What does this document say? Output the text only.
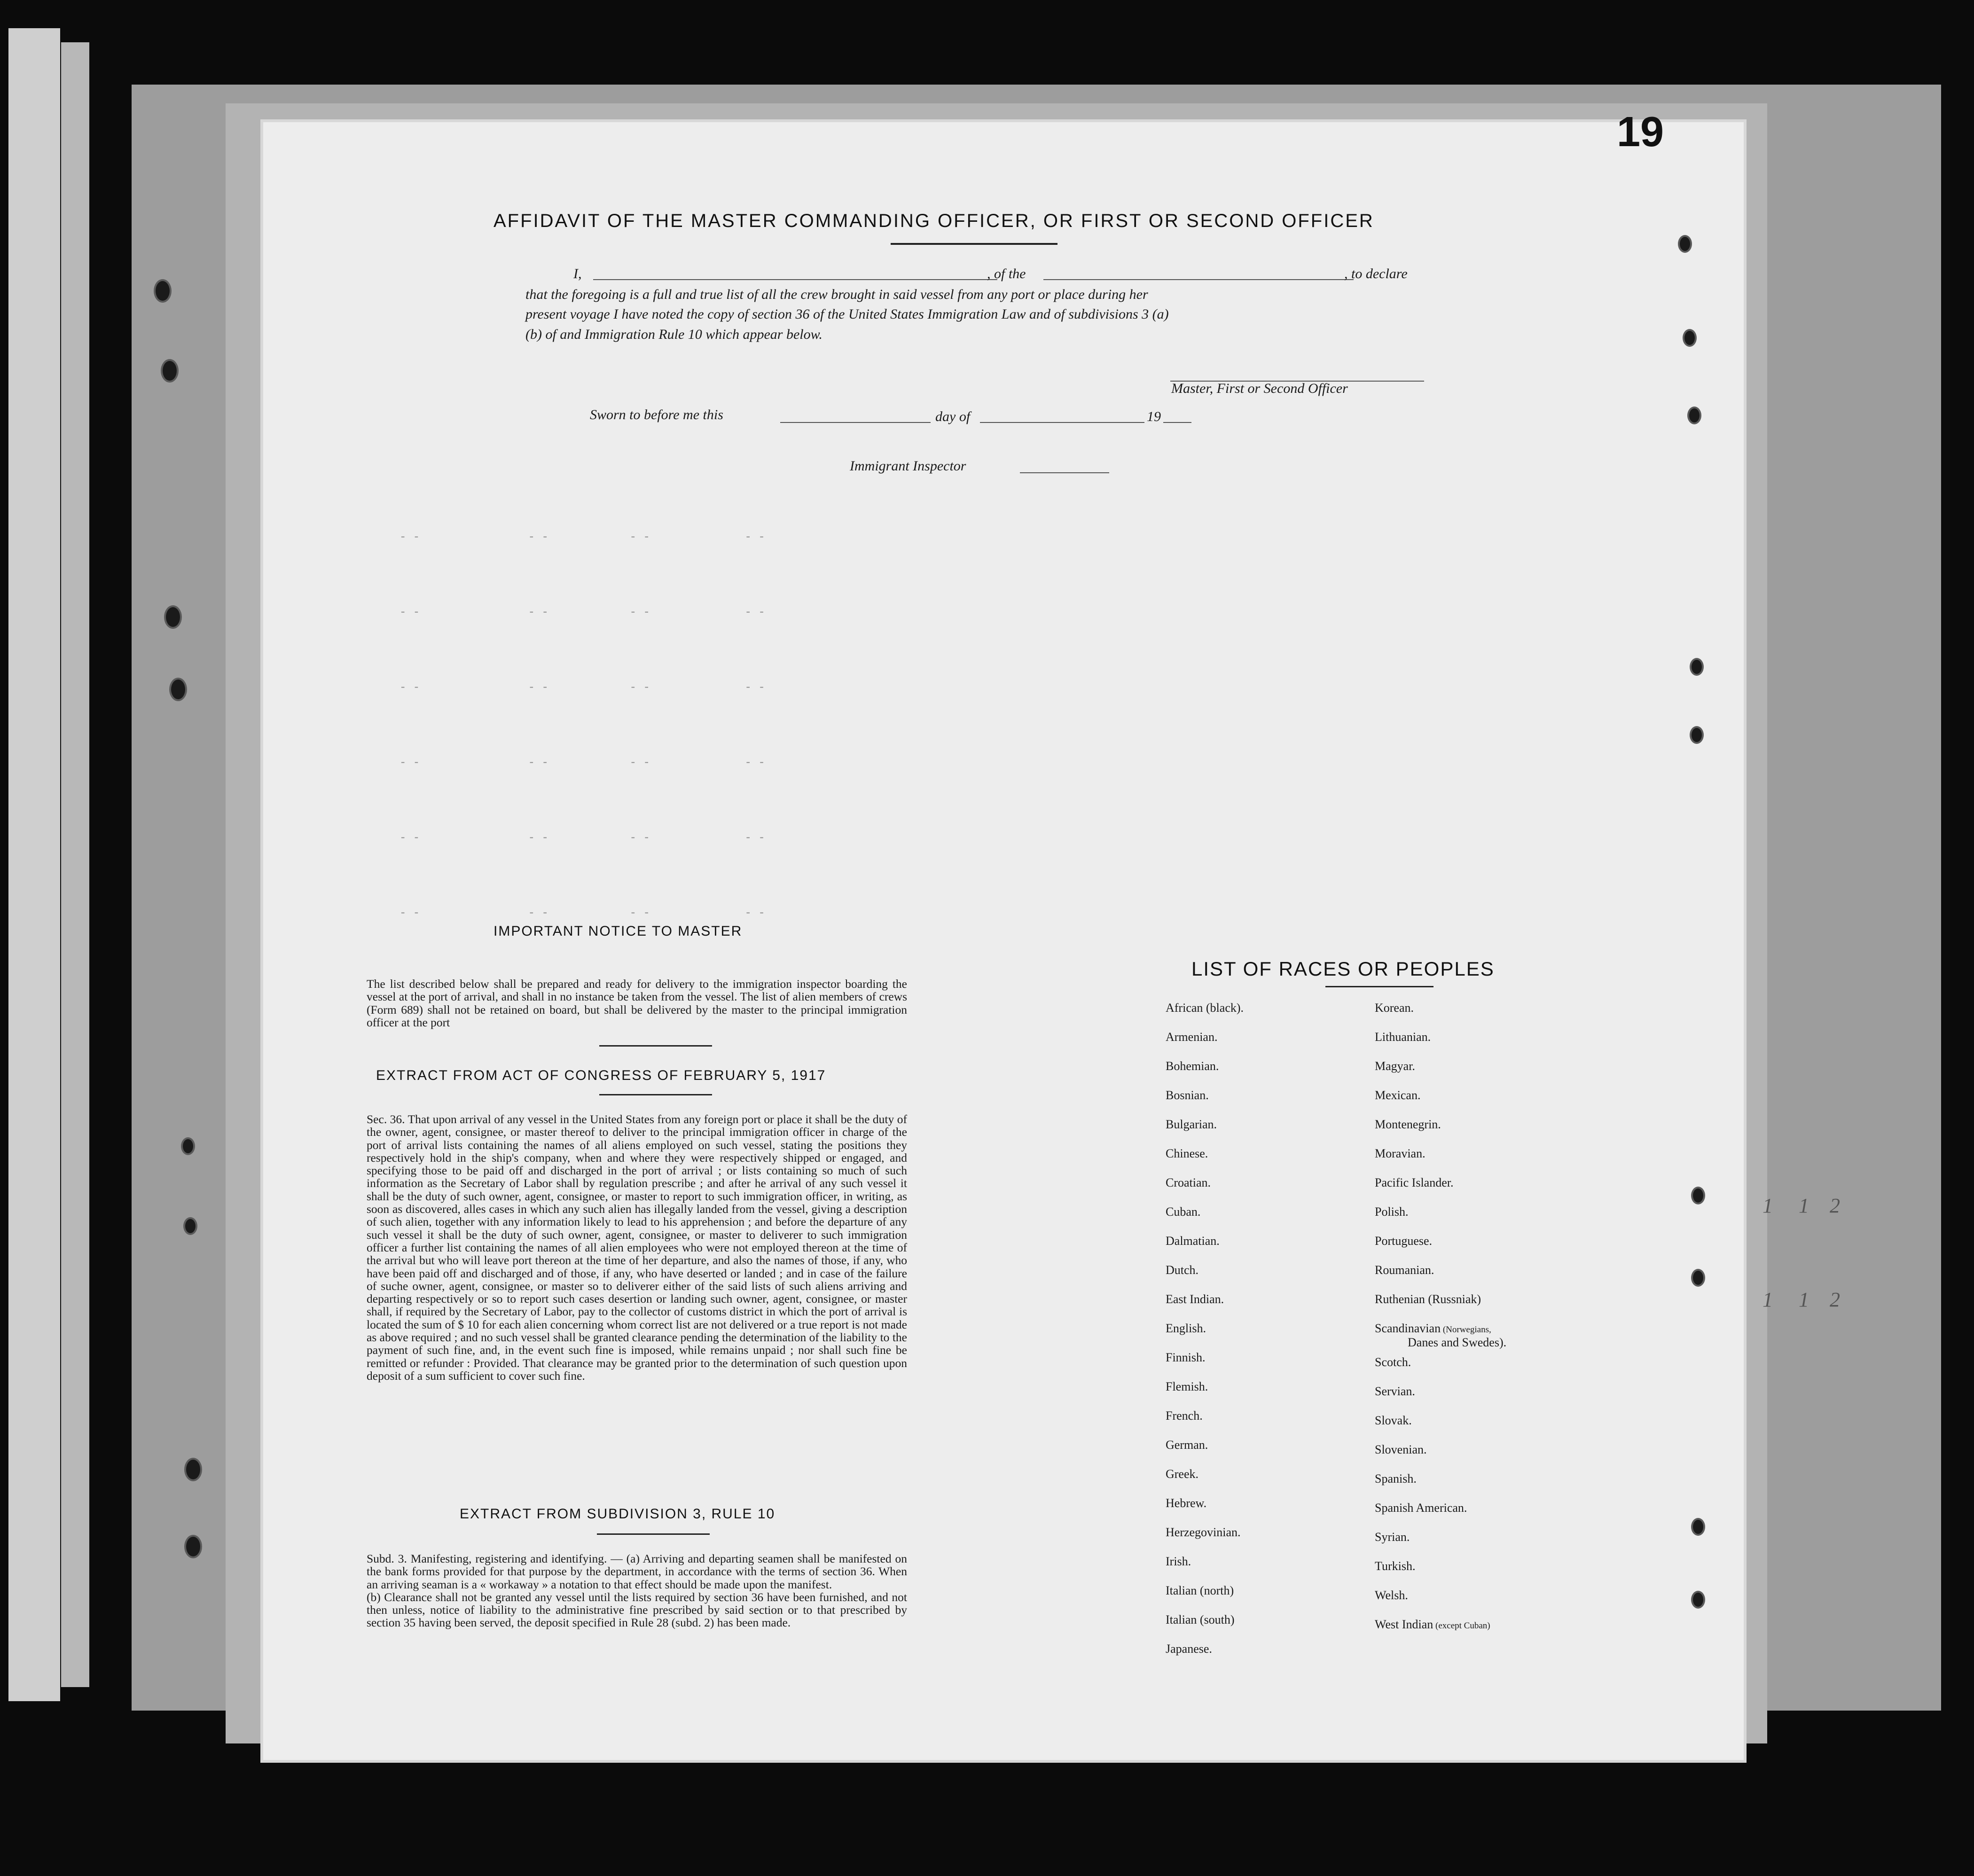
19
AFFIDAVIT OF THE MASTER COMMANDING OFFICER, OR FIRST OR SECOND OFFICER
I,	, of the	, to declare
that the foregoing is a full and true list of all the crew brought in said vessel from any port or place during her
present voyage I have noted the copy of section 36 of the United States Immigration Law and of subdivisions 3 (a)
(b) of and Immigration Rule 10 which appear below.
Master, First or Second Officer
Sworn to before me this	day of	19
Immigrant Inspector
- -                - -            - -              - -
- -                - -            - -              - -
- -                - -            - -              - -
- -                - -            - -              - -
- -                - -            - -              - -
- -                - -            - -              - -
IMPORTANT NOTICE TO MASTER
The list described below shall be prepared and ready for delivery to the immigration inspector boarding the vessel at the port of arrival, and shall in no instance be taken from the vessel. The list of alien members of crews (Form 689) shall not be retained on board, but shall be delivered by the master to the principal immigration officer at the port
EXTRACT FROM ACT OF CONGRESS OF FEBRUARY 5, 1917
Sec. 36. That upon arrival of any vessel in the United States from any foreign port or place it shall be the duty of the owner, agent, consignee, or master thereof to deliver to the principal immigration officer in charge of the port of arrival lists containing the names of all aliens employed on such vessel, stating the positions they respectively hold in the ship's company, when and where they were respectively shipped or engaged, and specifying those to be paid off and discharged in the port of arrival ; or lists containing so much of such information as the Secretary of Labor shall by regulation prescribe ; and after he arrival of any such vessel it shall be the duty of such owner, agent, consignee, or master to report to such immigration officer, in writing, as soon as discovered, alles cases in which any such alien has illegally landed from the vessel, giving a description of such alien, together with any information likely to lead to his apprehension ; and before the departure of any such vessel it shall be the duty of such owner, agent, consignee, or master to deliverer to such immigration officer a further list containing the names of all alien employees who were not employed thereon at the time of the arrival but who will leave port thereon at the time of her departure, and also the names of those, if any, who have been paid off and discharged and of those, if any, who have deserted or landed ; and in case of the failure of suche owner, agent, consignee, or master so to deliverer either of the said lists of such aliens arriving and departing respectively or so to report such cases desertion or landing such owner, agent, consignee, or master shall, if required by the Secretary of Labor, pay to the collector of customs district in which the port of arrival is located the sum of $ 10 for each alien concerning whom correct list are not delivered or a true report is not made as above required ; and no such vessel shall be granted clearance pending the determination of the liability to the payment of such fine, and, in the event such fine is imposed, while remains unpaid ; nor shall such fine be remitted or refunder : Provided. That clearance may be granted prior to the determination of such question upon deposit of a sum sufficient to cover such fine.
EXTRACT FROM SUBDIVISION 3, RULE 10

Subd. 3. Manifesting, registering and identifying. — (a) Arriving and departing seamen shall be manifested on the bank forms provided for that purpose by the department, in accordance with the terms of section 36. When an arriving seaman is a « workaway » a notation to that effect should be made upon the manifest.

(b) Clearance shall not be granted any vessel until the lists required by section 36 have been furnished, and not then unless, notice of liability to the administrative fine prescribed by said section or to that prescribed by section 35 having been served, the deposit specified in Rule 28 (subd. 2) has been made.

LIST OF RACES OR PEOPLES
African (black).
Armenian.
Bohemian.
Bosnian.
Bulgarian.
Chinese.
Croatian.
Cuban.
Dalmatian.
Dutch.
East Indian.
English.
Finnish.
Flemish.
French.
German.
Greek.
Hebrew.
Herzegovinian.
Irish.
Italian (north)
Italian (south)
Japanese.
Korean.
Lithuanian.
Magyar.
Mexican.
Montenegrin.
Moravian.
Pacific Islander.
Polish.
Portuguese.
Roumanian.
Ruthenian (Russniak)
Scandinavian (Norwegians,
Danes and Swedes).
Scotch.
Servian.
Slovak.
Slovenian.
Spanish.
Spanish American.
Syrian.
Turkish.
Welsh.
West Indian (except Cuban)
1     1    2
1     1    2
